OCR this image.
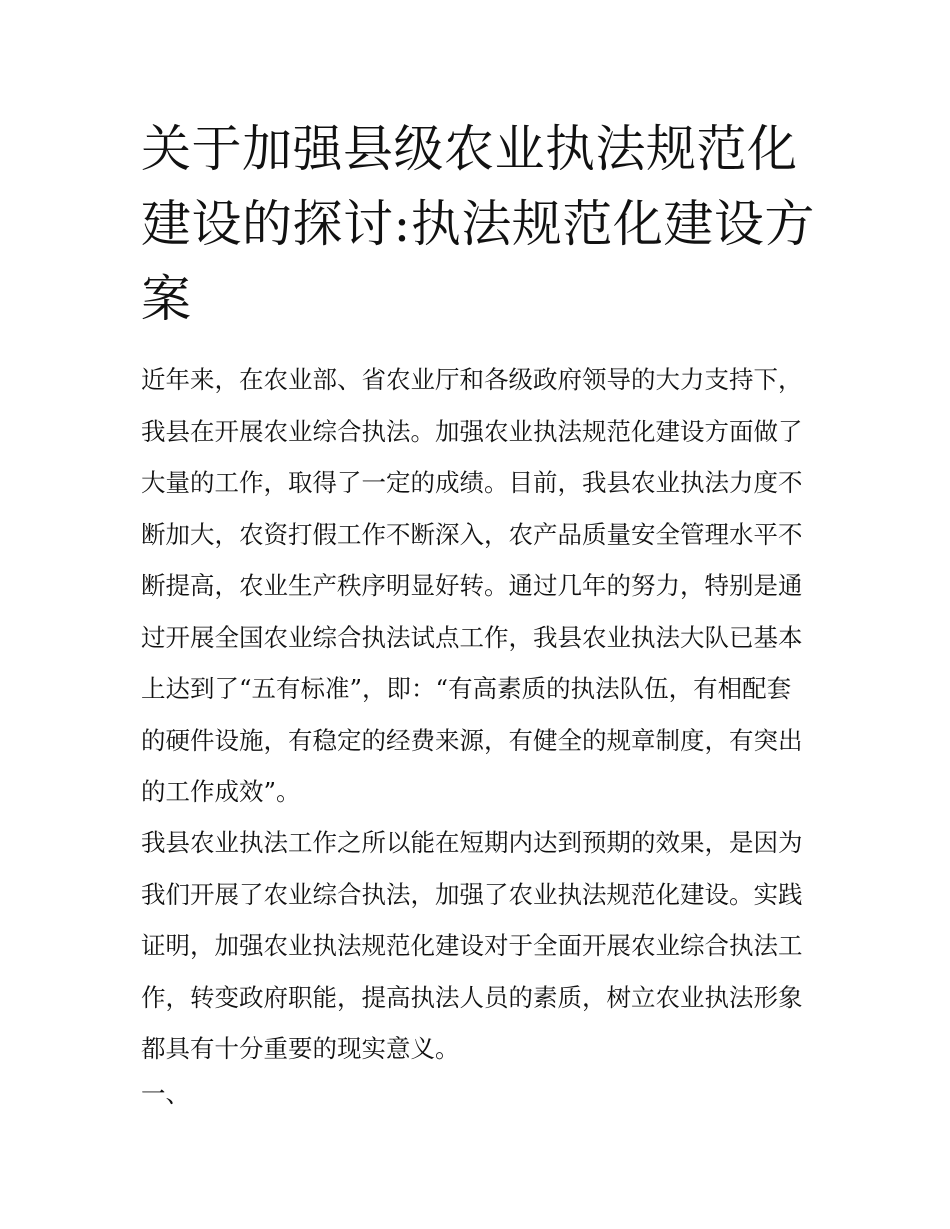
关于加强县级农业执法规范化
建设的探讨:执法规范化建设方
案
近年来，在农业部、省农业厅和各级政府领导的大力支持下，
我县在开展农业综合执法。加强农业执法规范化建设方面做了
大量的工作，取得了一定的成绩。目前，我县农业执法力度不
断加大，农资打假工作不断深入，农产品质量安全管理水平不
断提高，农业生产秩序明显好转。通过几年的努力，特别是通
过开展全国农业综合执法试点工作，我县农业执法大队已基本
上达到了“五有标准”，即：“有高素质的执法队伍，有相配套
的硬件设施，有稳定的经费来源，有健全的规章制度，有突出
的工作成效”。
我县农业执法工作之所以能在短期内达到预期的效果，是因为
我们开展了农业综合执法，加强了农业执法规范化建设。实践
证明，加强农业执法规范化建设对于全面开展农业综合执法工
作，转变政府职能，提高执法人员的素质，树立农业执法形象
都具有十分重要的现实意义。
一、
